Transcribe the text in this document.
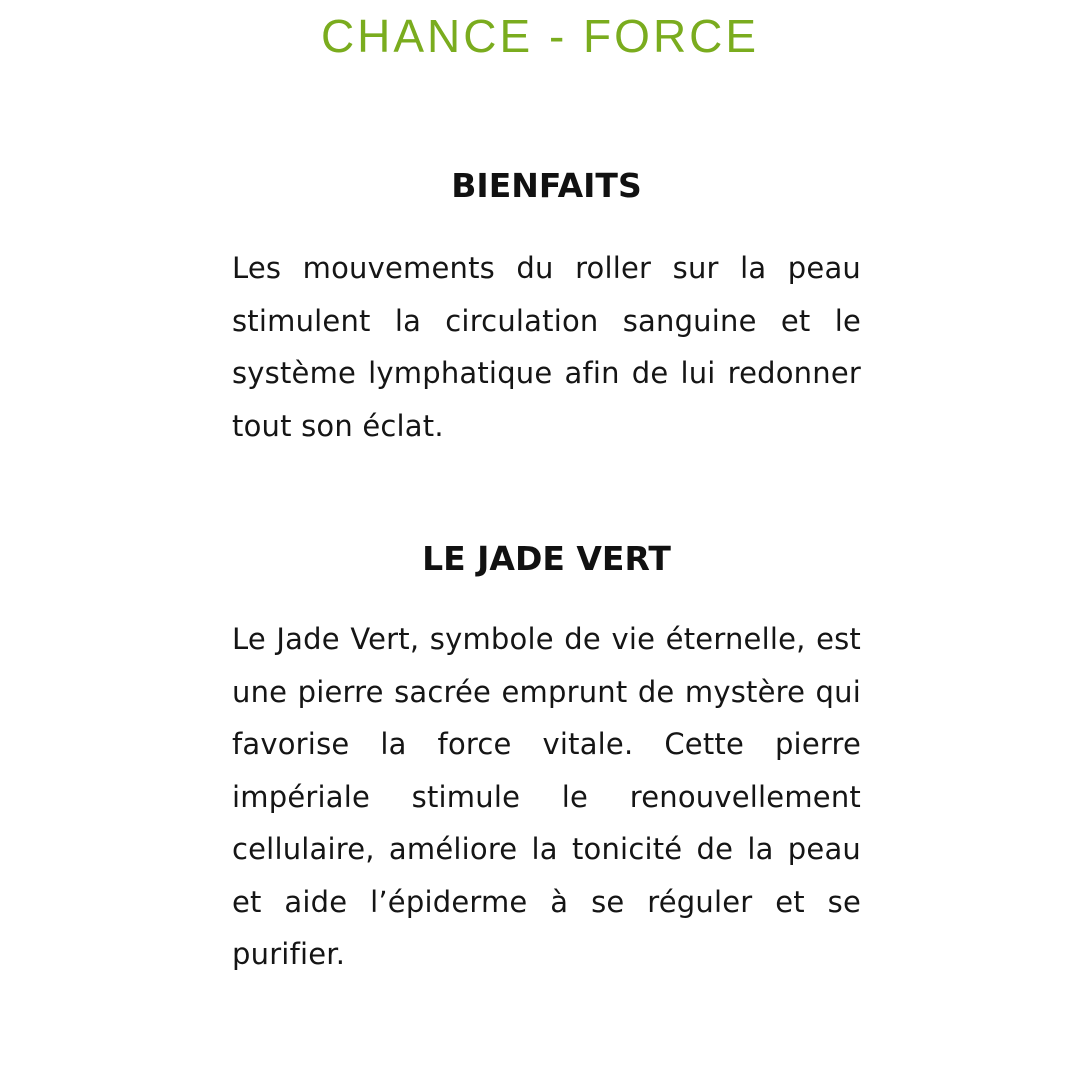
CHANCE - FORCE
BIENFAITS

Les mouvements du roller sur la peau stimulent la circulation sanguine et le système lymphatique afin de lui redonner tout son éclat.

LE JADE VERT

Le Jade Vert, symbole de vie éternelle, est une pierre sacrée emprunt de mystère qui favorise la force vitale. Cette pierre impériale stimule le renouvellement cellulaire, améliore la tonicité de la peau et aide l’épiderme à se réguler et se purifier.
